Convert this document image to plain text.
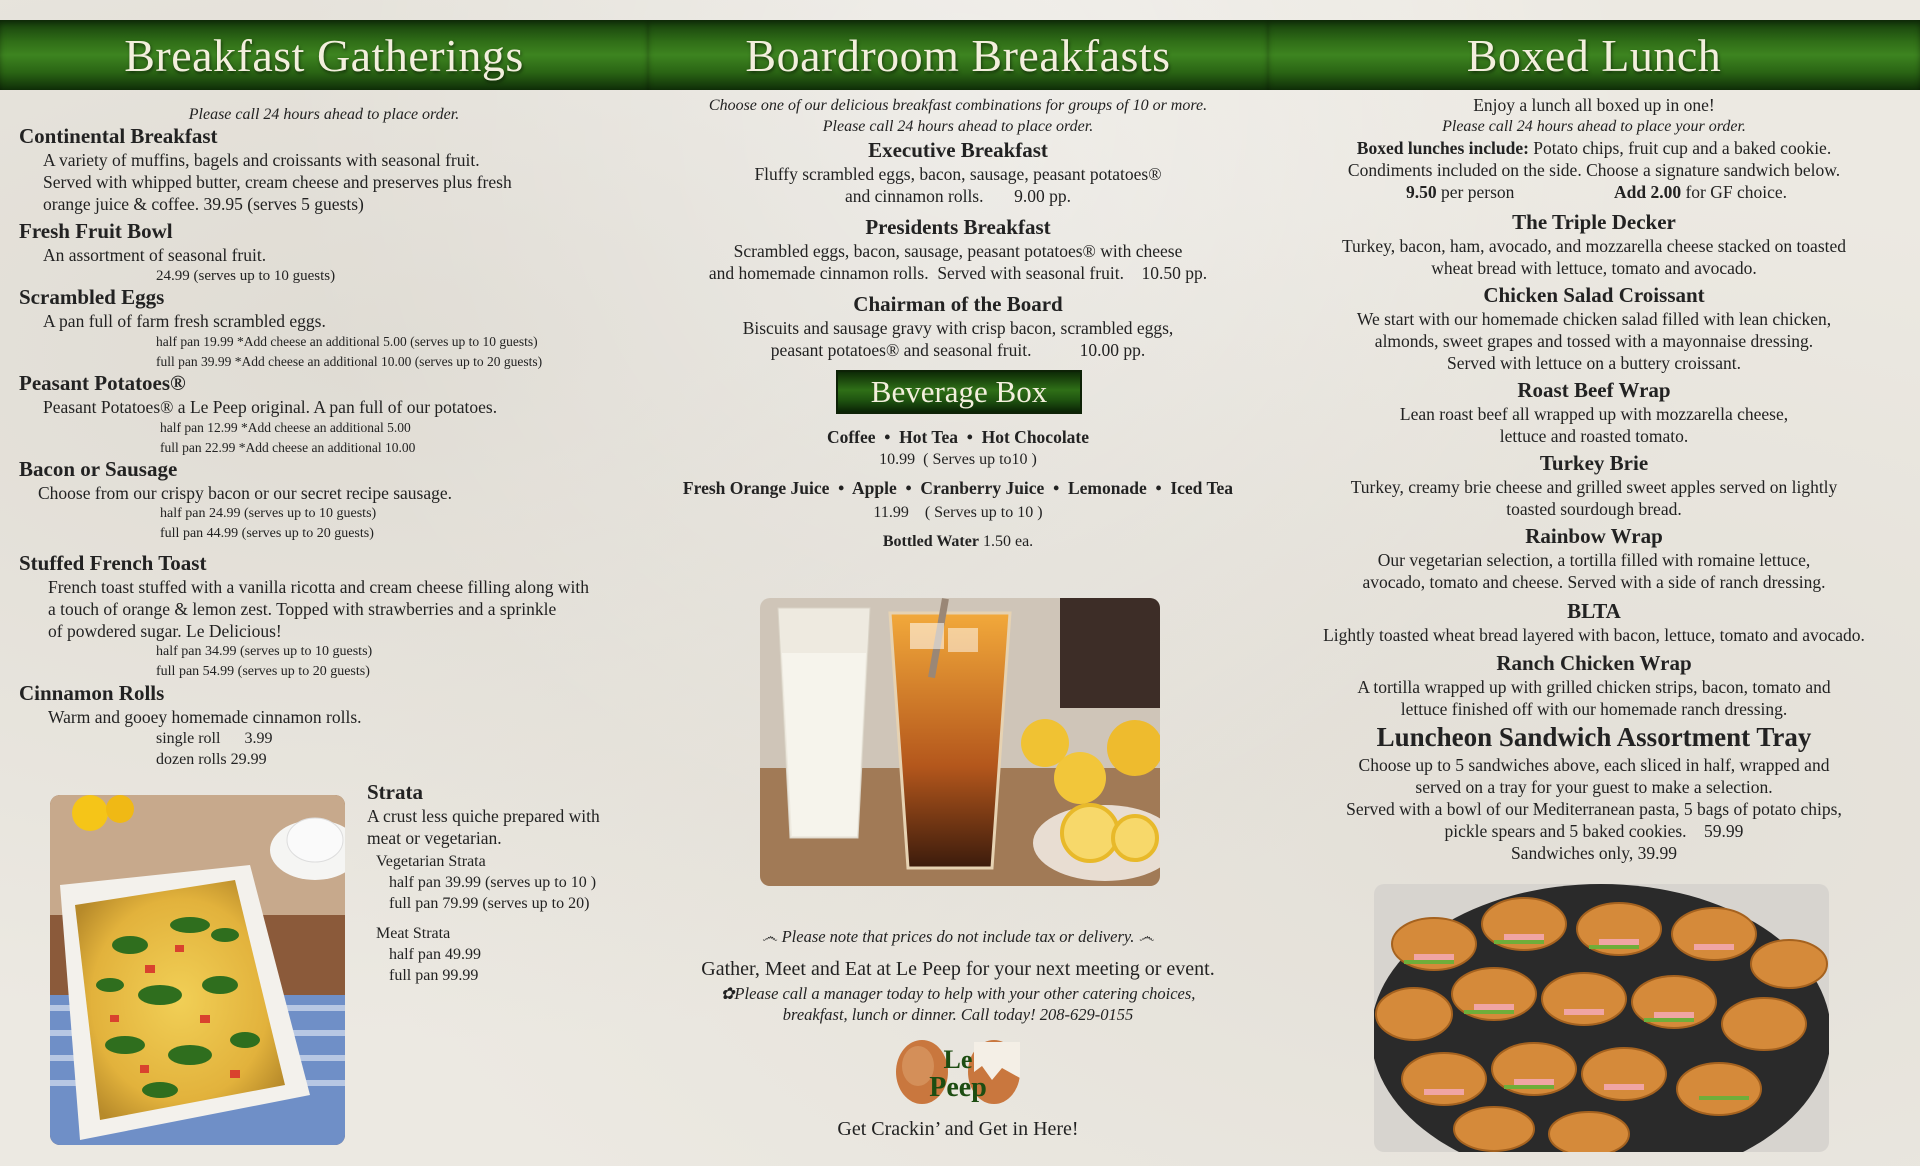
Breakfast Gatherings
Please call 24 hours ahead to place order.
Continental Breakfast
A variety of muffins, bagels and croissants with seasonal fruit.
Served with whipped butter, cream cheese and preserves plus fresh
orange juice & coffee. 39.95 (serves 5 guests)
Fresh Fruit Bowl
An assortment of seasonal fruit.
24.99 (serves up to 10 guests)
Scrambled Eggs
A pan full of farm fresh scrambled eggs.
half pan 19.99 *Add cheese an additional 5.00 (serves up to 10 guests)
full pan 39.99 *Add cheese an additional 10.00 (serves up to 20 guests)
Peasant Potatoes®
Peasant Potatoes® a Le Peep original. A pan full of our potatoes.
half pan 12.99 *Add cheese an additional 5.00
full pan 22.99 *Add cheese an additional 10.00
Bacon or Sausage
Choose from our crispy bacon or our secret recipe sausage.
half pan 24.99 (serves up to 10 guests)
full pan 44.99 (serves up to 20 guests)
Stuffed French Toast
French toast stuffed with a vanilla ricotta and cream cheese filling along with
a touch of orange & lemon zest. Topped with strawberries and a sprinkle
of powdered sugar. Le Delicious!
half pan 34.99 (serves up to 10 guests)
full pan 54.99 (serves up to 20 guests)
Cinnamon Rolls
Warm and gooey homemade cinnamon rolls.
single roll      3.99
dozen rolls 29.99
Strata
A crust less quiche prepared with
meat or vegetarian.
Vegetarian Strata
half pan 39.99 (serves up to 10 )
full pan 79.99 (serves up to 20)
Meat Strata
half pan 49.99
full pan 99.99
Boardroom Breakfasts
Choose one of our delicious breakfast combinations for groups of 10 or more.
Please call 24 hours ahead to place order.
Executive Breakfast
Fluffy scrambled eggs, bacon, sausage, peasant potatoes®
and cinnamon rolls.       9.00 pp.
Presidents Breakfast
Scrambled eggs, bacon, sausage, peasant potatoes® with cheese
and homemade cinnamon rolls.  Served with seasonal fruit.    10.50 pp.
Chairman of the Board
Biscuits and sausage gravy with crisp bacon, scrambled eggs,
peasant potatoes® and seasonal fruit.           10.00 pp.
Beverage Box
Coffee  •  Hot Tea  •  Hot Chocolate
10.99  ( Serves up to10 )
Fresh Orange Juice  •  Apple  •  Cranberry Juice  •  Lemonade  •  Iced Tea
11.99    ( Serves up to 10 )
Bottled Water 1.50 ea.
෴ Please note that prices do not include tax or delivery. ෴
Gather, Meet and Eat at Le Peep for your next meeting or event.
✿Please call a manager today to help with your other catering choices,
breakfast, lunch or dinner. Call today! 208-629-0155
Le
Peep
Get Crackin’ and Get in Here!
Boxed Lunch
Enjoy a lunch all boxed up in one!
Please call 24 hours ahead to place your order.
Boxed lunches include: Potato chips, fruit cup and a baked cookie.
Condiments included on the side. Choose a signature sandwich below.
9.50 per person	Add 2.00 for GF choice.
The Triple Decker
Turkey, bacon, ham, avocado, and mozzarella cheese stacked on toasted
wheat bread with lettuce, tomato and avocado.
Chicken Salad Croissant
We start with our homemade chicken salad filled with lean chicken,
almonds, sweet grapes and tossed with a mayonnaise dressing.
Served with lettuce on a buttery croissant.
Roast Beef Wrap
Lean roast beef all wrapped up with mozzarella cheese,
lettuce and roasted tomato.
Turkey Brie
Turkey, creamy brie cheese and grilled sweet apples served on lightly
toasted sourdough bread.
Rainbow Wrap
Our vegetarian selection, a tortilla filled with romaine lettuce,
avocado, tomato and cheese. Served with a side of ranch dressing.
BLTA
Lightly toasted wheat bread layered with bacon, lettuce, tomato and avocado.
Ranch Chicken Wrap
A tortilla wrapped up with grilled chicken strips, bacon, tomato and
lettuce finished off with our homemade ranch dressing.
Luncheon Sandwich Assortment Tray
Choose up to 5 sandwiches above, each sliced in half, wrapped and
served on a tray for your guest to make a selection.
Served with a bowl of our Mediterranean pasta, 5 bags of potato chips,
pickle spears and 5 baked cookies.    59.99
Sandwiches only, 39.99
